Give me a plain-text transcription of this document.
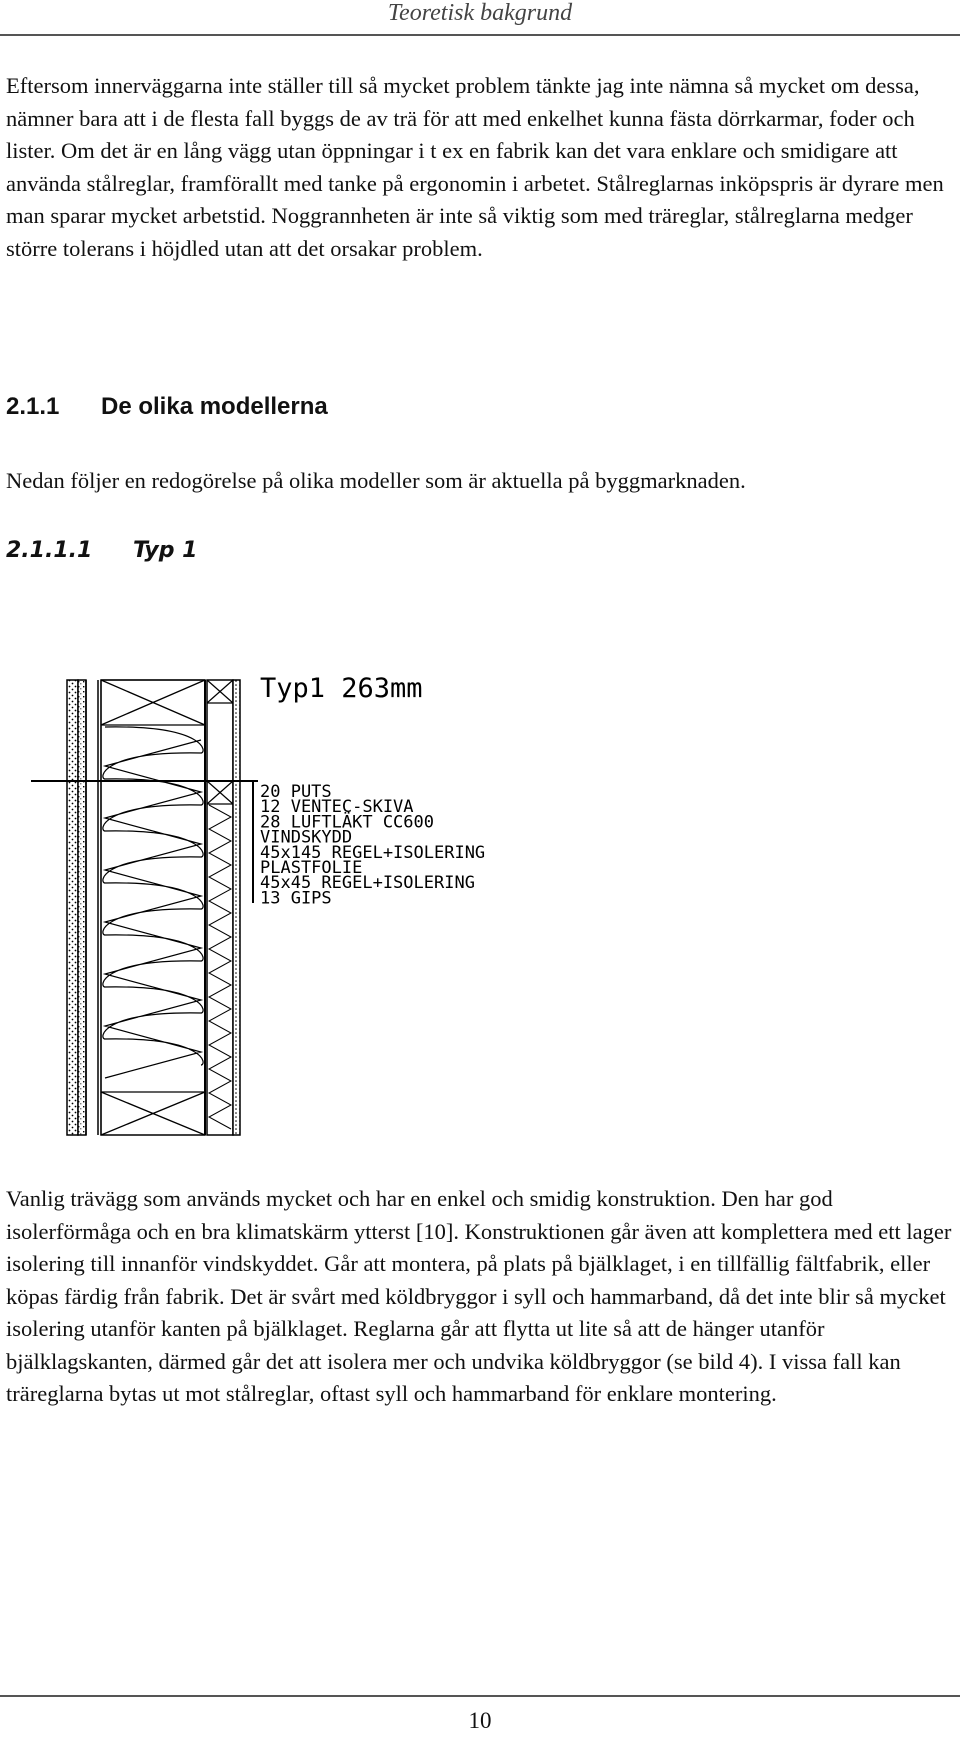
Teoretisk bakgrund

Eftersom innerväggarna inte ställer till så mycket problem tänkte jag inte nämna så mycket om dessa, nämner bara att i de flesta fall byggs de av trä för att med enkelhet kunna fästa dörrkarmar, foder och lister. Om det är en lång vägg utan öppningar i t ex en fabrik kan det vara enklare och smidigare att använda stålreglar, framförallt med tanke på ergonomin i arbetet. Stålreglarnas inköpspris är dyrare men man sparar mycket arbetstid. Noggrannheten är inte så viktig som med träreglar, stålreglarna medger större tolerans i höjdled utan att det orsakar problem.

2.1.1 De olika modellerna

Nedan följer en redogörelse på olika modeller som är aktuella på byggmarknaden.

2.1.1.1 Typ 1
Typ1 263mm
20 PUTS
12 VENTEC-SKIVA
28 LUFTLÄKT CC600
VINDSKYDD
45x145 REGEL+ISOLERING
PLASTFOLIE
45x45 REGEL+ISOLERING
13 GIPS

Vanlig trävägg som används mycket och har en enkel och smidig konstruktion. Den har god isolerförmåga och en bra klimatskärm ytterst [10]. Konstruktionen går även att komplettera med ett lager isolering till innanför vindskyddet. Går att montera, på plats på bjälklaget, i en tillfällig fältfabrik, eller köpas färdig från fabrik. Det är svårt med köldbryggor i syll och hammarband, då det inte blir så mycket isolering utanför kanten på bjälklaget. Reglarna går att flytta ut lite så att de hänger utanför bjälklagskanten, därmed går det att isolera mer och undvika köldbryggor (se bild 4). I vissa fall kan träreglarna bytas ut mot stålreglar, oftast syll och hammarband för enklare montering.

10
